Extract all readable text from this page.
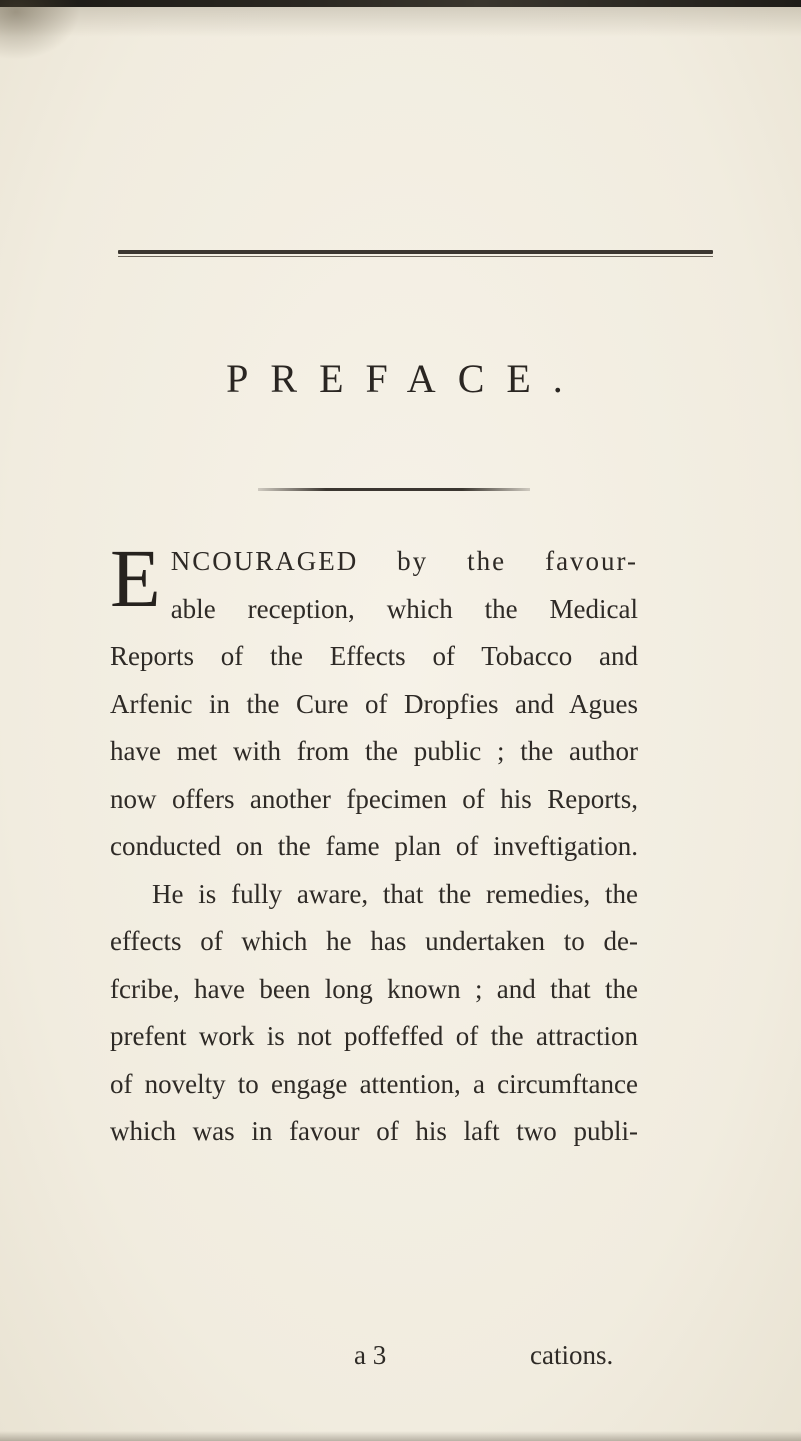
PREFACE.
E NCOURAGED by the favour-
able reception, which the Medical
Reports of the Effects of Tobacco and
Arfenic in the Cure of Dropfies and Agues
have met with from the public ; the author
now offers another fpecimen of his Reports,
conducted on the fame plan of inveftigation.
He is fully aware, that the remedies, the
effects of which he has undertaken to de-
fcribe, have been long known ; and that the
prefent work is not poffeffed of the attraction
of novelty to engage attention, a circumftance
which was in favour of his laft two publi-
a 3	cations.
